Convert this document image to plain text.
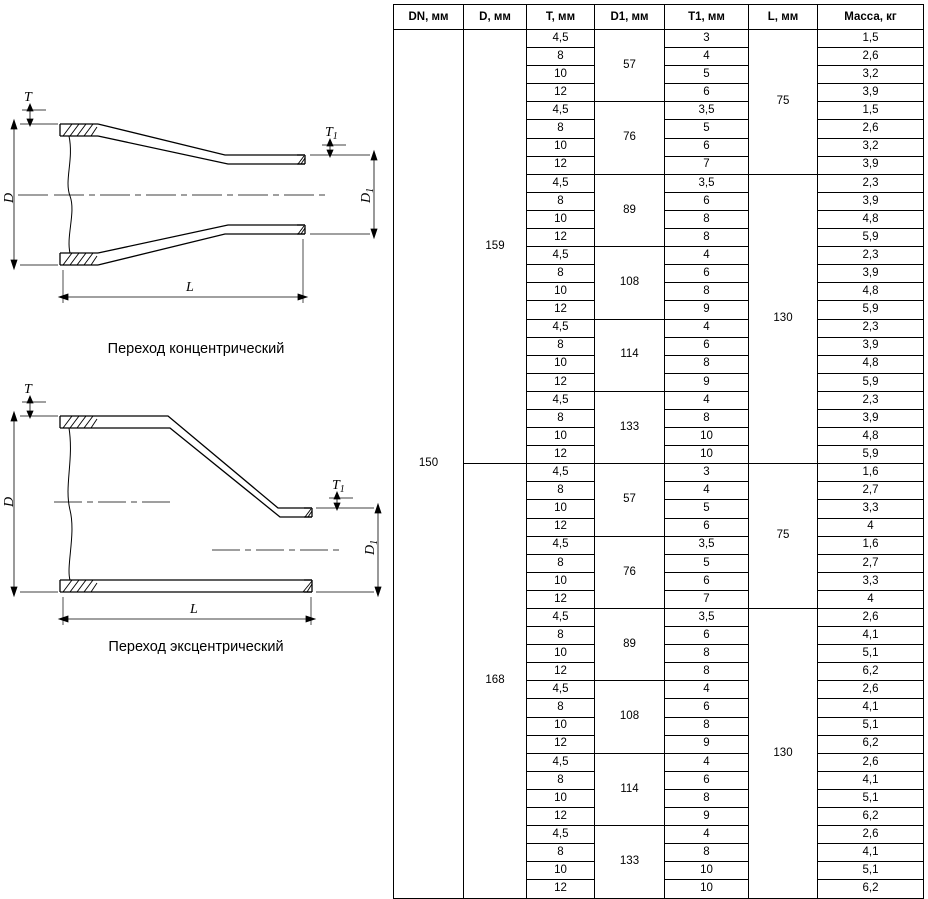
T
$T_1$
D	$D_1$
L
Переход концентрический
T
$T_1$
D
$D_1$
L
Переход эксцентрический
DN, мм	D, мм	T, мм	D1, мм	T1, мм	L, мм	Масса, кг
150	159	4,5	57	3	75	1,5
		8		4		2,6
		10		5		3,2
		12		6		3,9
		4,5	76	3,5		1,5
		8		5		2,6
		10		6		3,2
		12		7		3,9
		4,5	89	3,5	130	2,3
		8		6		3,9
		10		8		4,8
		12		8		5,9
		4,5	108	4		2,3
		8		6		3,9
		10		8		4,8
		12		9		5,9
		4,5	114	4		2,3
		8		6		3,9
		10		8		4,8
		12		9		5,9
		4,5	133	4		2,3
		8		8		3,9
		10		10		4,8
		12		10		5,9
	168	4,5	57	3	75	1,6
		8		4		2,7
		10		5		3,3
		12		6		4
		4,5	76	3,5		1,6
		8		5		2,7
		10		6		3,3
		12		7		4
		4,5	89	3,5	130	2,6
		8		6		4,1
		10		8		5,1
		12		8		6,2
		4,5	108	4		2,6
		8		6		4,1
		10		8		5,1
		12		9		6,2
		4,5	114	4		2,6
		8		6		4,1
		10		8		5,1
		12		9		6,2
		4,5	133	4		2,6
		8		8		4,1
		10		10		5,1
		12		10		6,2
